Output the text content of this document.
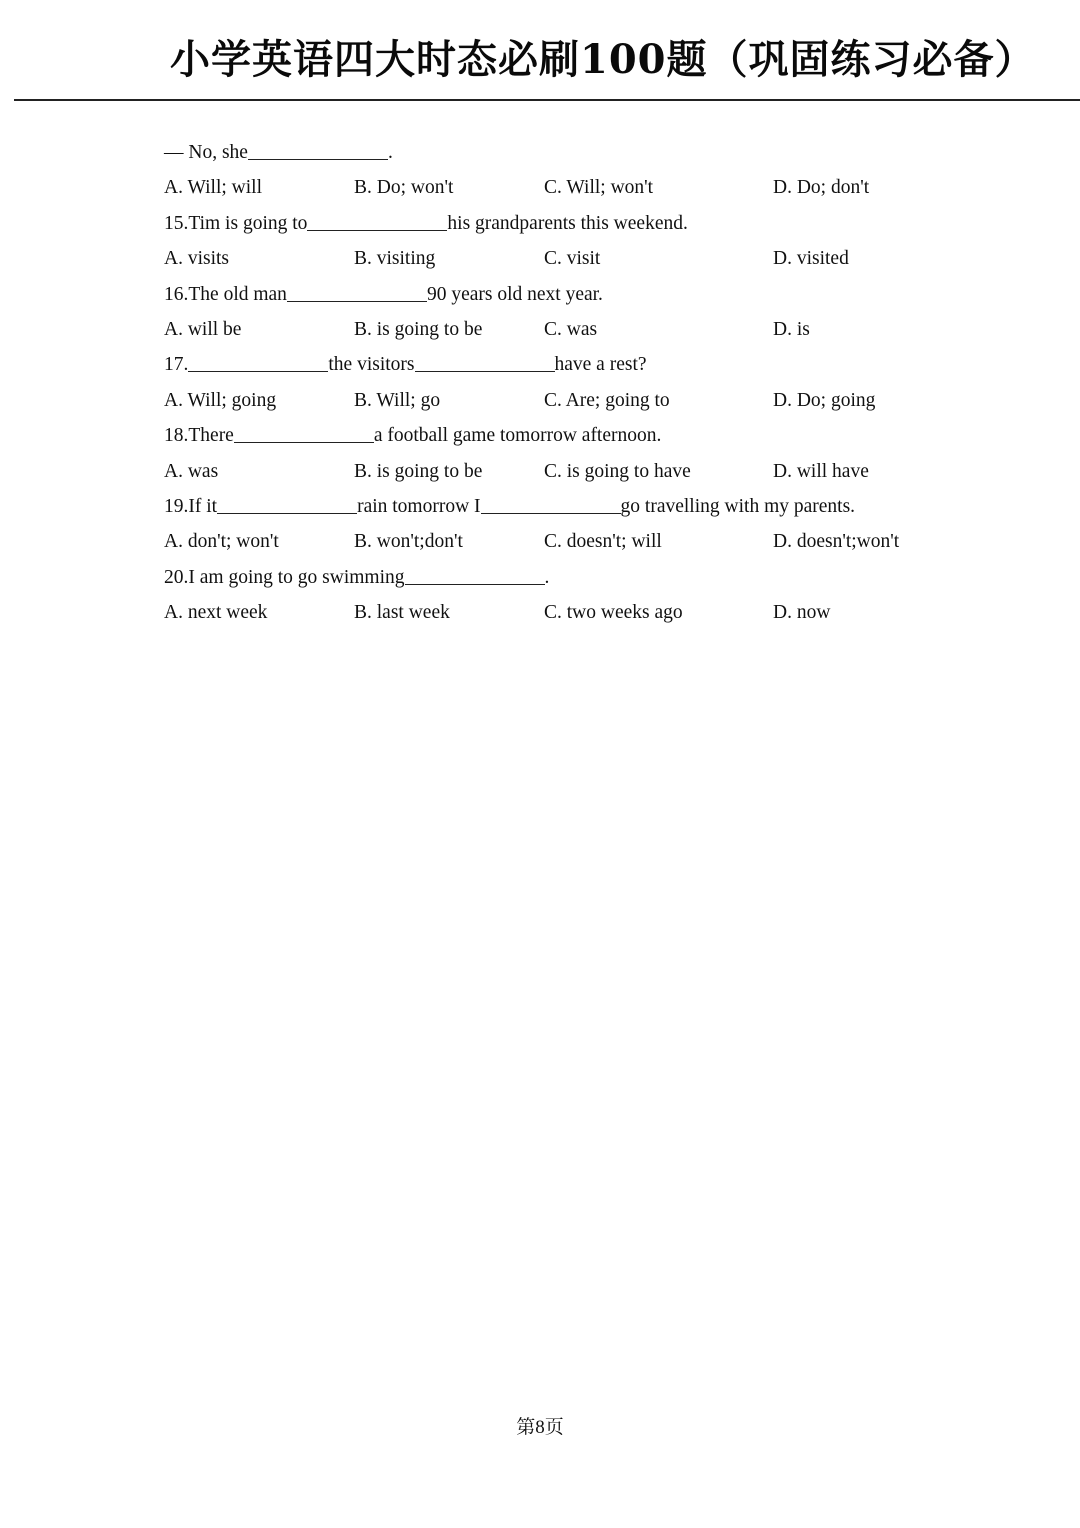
小学英语四大时态必刷100题（巩固练习必备）
— No, she	.
A. Will; will	B. Do; won't	C. Will; won't	D. Do; don't
15.Tim is going to	his grandparents this weekend.
A. visits	B. visiting	C. visit	D. visited
16.The old man	90 years old next year.
A. will be	B. is going to be	C. was	D. is
17.	the visitors	have a rest?
A. Will; going	B. Will; go	C. Are; going to	D. Do; going
18.There	a football game tomorrow afternoon.
A. was	B. is going to be	C. is going to have	D. will have
19.If it	rain tomorrow I	go travelling with my parents.
A. don't; won't	B. won't;don't	C. doesn't; will	D. doesn't;won't
20.I am going to go swimming	.
A. next week	B. last week	C. two weeks ago	D. now
第8页
